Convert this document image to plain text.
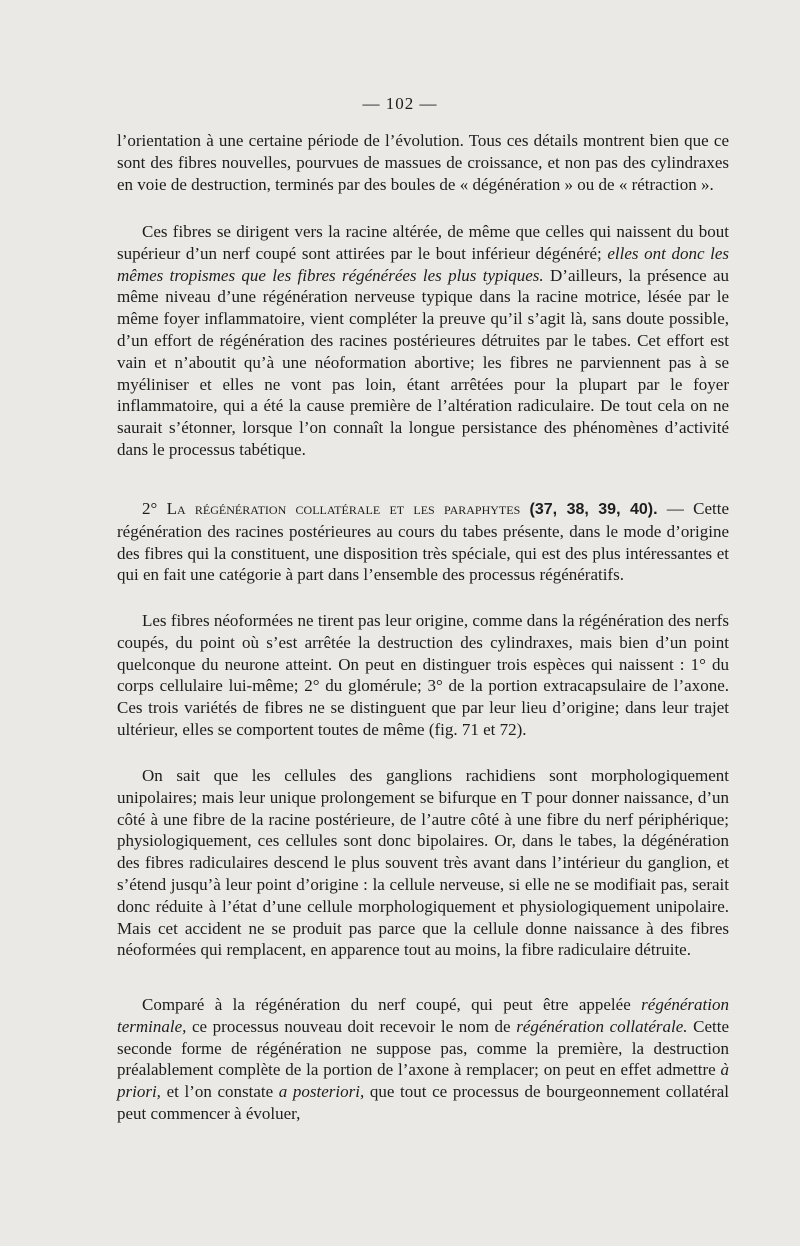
— 102 —

l’orientation à une certaine période de l’évolution. Tous ces détails montrent bien que ce sont des fibres nouvelles, pourvues de massues de croissance, et non pas des cylindraxes en voie de destruction, terminés par des boules de « dégénération » ou de « rétraction ».

Ces fibres se dirigent vers la racine altérée, de même que celles qui naissent du bout supérieur d’un nerf coupé sont attirées par le bout inférieur dégénéré; elles ont donc les mêmes tropismes que les fibres régénérées les plus typiques. D’ailleurs, la présence au même niveau d’une régénération nerveuse typique dans la racine motrice, lésée par le même foyer inflammatoire, vient compléter la preuve qu’il s’agit là, sans doute possible, d’un effort de régénération des racines postérieures détruites par le tabes. Cet effort est vain et n’aboutit qu’à une néoformation abortive; les fibres ne parviennent pas à se myéliniser et elles ne vont pas loin, étant arrêtées pour la plupart par le foyer inflammatoire, qui a été la cause première de l’altération radiculaire. De tout cela on ne saurait s’étonner, lorsque l’on connaît la longue persistance des phénomènes d’activité dans le processus tabétique.

2° La régénération collatérale et les paraphytes (37, 38, 39, 40). — Cette régénération des racines postérieures au cours du tabes présente, dans le mode d’origine des fibres qui la constituent, une disposition très spéciale, qui est des plus intéressantes et qui en fait une catégorie à part dans l’ensemble des processus régénératifs.

Les fibres néoformées ne tirent pas leur origine, comme dans la régénération des nerfs coupés, du point où s’est arrêtée la destruction des cylindraxes, mais bien d’un point quelconque du neurone atteint. On peut en distinguer trois espèces qui naissent : 1° du corps cellulaire lui-même; 2° du glomérule; 3° de la portion extracapsulaire de l’axone. Ces trois variétés de fibres ne se distinguent que par leur lieu d’origine; dans leur trajet ultérieur, elles se comportent toutes de même (fig. 71 et 72).

On sait que les cellules des ganglions rachidiens sont morphologiquement unipolaires; mais leur unique prolongement se bifurque en T pour donner naissance, d’un côté à une fibre de la racine postérieure, de l’autre côté à une fibre du nerf périphérique; physiologiquement, ces cellules sont donc bipolaires. Or, dans le tabes, la dégénération des fibres radiculaires descend le plus souvent très avant dans l’intérieur du ganglion, et s’étend jusqu’à leur point d’origine : la cellule nerveuse, si elle ne se modifiait pas, serait donc réduite à l’état d’une cellule morphologiquement et physiologiquement unipolaire. Mais cet accident ne se produit pas parce que la cellule donne naissance à des fibres néoformées qui remplacent, en apparence tout au moins, la fibre radiculaire détruite.

Comparé à la régénération du nerf coupé, qui peut être appelée régénération terminale, ce processus nouveau doit recevoir le nom de régénération collatérale. Cette seconde forme de régénération ne suppose pas, comme la première, la destruction préalablement complète de la portion de l’axone à remplacer; on peut en effet admettre à priori, et l’on constate a posteriori, que tout ce processus de bourgeonnement collatéral peut commencer à évoluer,
